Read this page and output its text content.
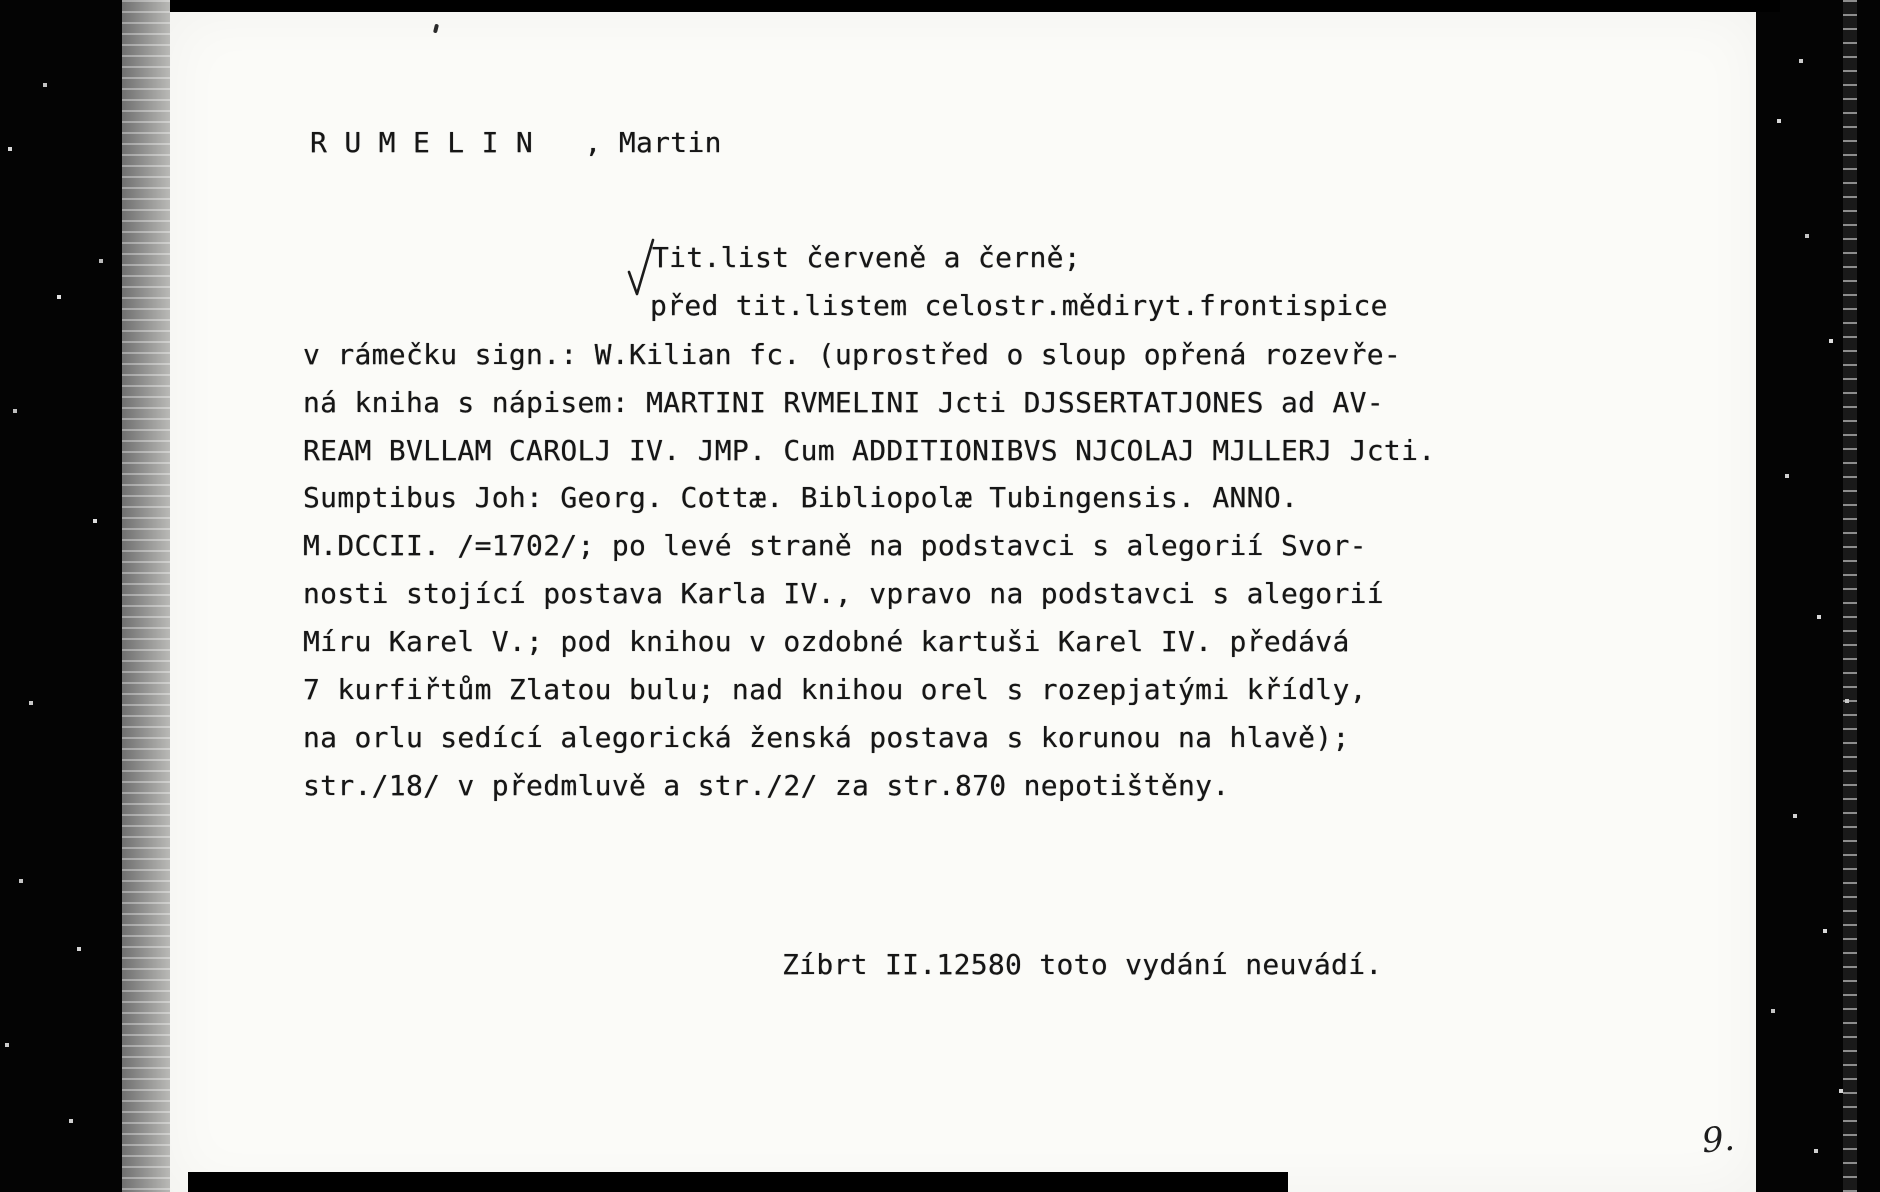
R U M E L I N   , Martin
Tit.list červeně a černě;
před tit.listem celostr.mědiryt.frontispice
v rámečku sign.: W.Kilian fc. (uprostřed o sloup opřená rozevře-
ná kniha s nápisem: MARTINI RVMELINI Jcti DJSSERTATJONES ad AV-
REAM BVLLAM CAROLJ IV. JMP. Cum ADDITIONIBVS NJCOLAJ MJLLERJ Jcti.
Sumptibus Joh: Georg. Cottæ. Bibliopolæ Tubingensis. ANNO.
M.DCCII. /=1702/; po levé straně na podstavci s alegorií Svor-
nosti stojící postava Karla IV., vpravo na podstavci s alegorií
Míru Karel V.; pod knihou v ozdobné kartuši Karel IV. předává
7 kurfiřtům Zlatou bulu; nad knihou orel s rozepjatými křídly,
na orlu sedící alegorická ženská postava s korunou na hlavě);
str./18/ v předmluvě a str./2/ za str.870 nepotištěny.
Zíbrt II.12580 toto vydání neuvádí.
9.
